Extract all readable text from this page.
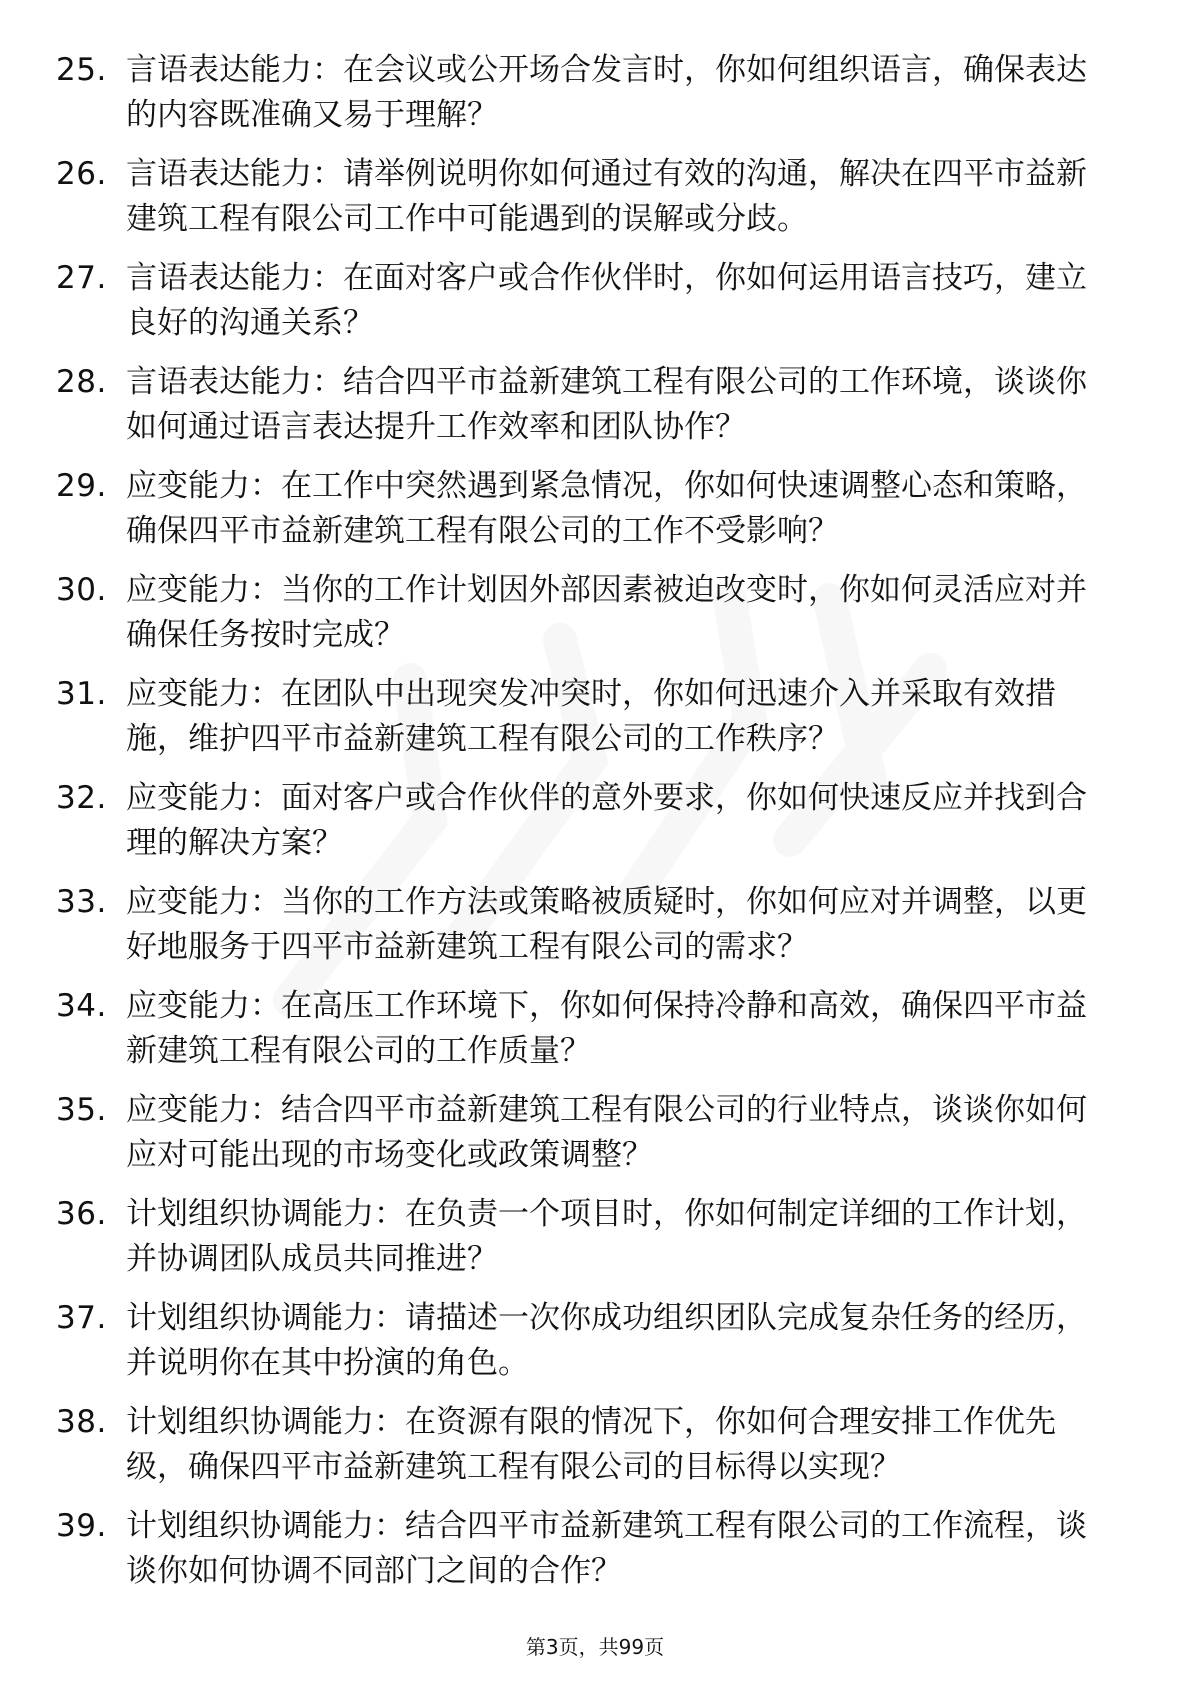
25. 言语表达能力：在会议或公开场合发言时，你如何组织语言，确保表达的内容既准确又易于理解？
26. 言语表达能力：请举例说明你如何通过有效的沟通，解决在四平市益新建筑工程有限公司工作中可能遇到的误解或分歧。
27. 言语表达能力：在面对客户或合作伙伴时，你如何运用语言技巧，建立良好的沟通关系？
28. 言语表达能力：结合四平市益新建筑工程有限公司的工作环境，谈谈你如何通过语言表达提升工作效率和团队协作？
29. 应变能力：在工作中突然遇到紧急情况，你如何快速调整心态和策略，确保四平市益新建筑工程有限公司的工作不受影响？
30. 应变能力：当你的工作计划因外部因素被迫改变时，你如何灵活应对并确保任务按时完成？
31. 应变能力：在团队中出现突发冲突时，你如何迅速介入并采取有效措施，维护四平市益新建筑工程有限公司的工作秩序？
32. 应变能力：面对客户或合作伙伴的意外要求，你如何快速反应并找到合理的解决方案？
33. 应变能力：当你的工作方法或策略被质疑时，你如何应对并调整，以更好地服务于四平市益新建筑工程有限公司的需求？
34. 应变能力：在高压工作环境下，你如何保持冷静和高效，确保四平市益新建筑工程有限公司的工作质量？
35. 应变能力：结合四平市益新建筑工程有限公司的行业特点，谈谈你如何应对可能出现的市场变化或政策调整？
36. 计划组织协调能力：在负责一个项目时，你如何制定详细的工作计划，并协调团队成员共同推进？
37. 计划组织协调能力：请描述一次你成功组织团队完成复杂任务的经历，并说明你在其中扮演的角色。
38. 计划组织协调能力：在资源有限的情况下，你如何合理安排工作优先级，确保四平市益新建筑工程有限公司的目标得以实现？
39. 计划组织协调能力：结合四平市益新建筑工程有限公司的工作流程，谈谈你如何协调不同部门之间的合作？
第3页，共99页
